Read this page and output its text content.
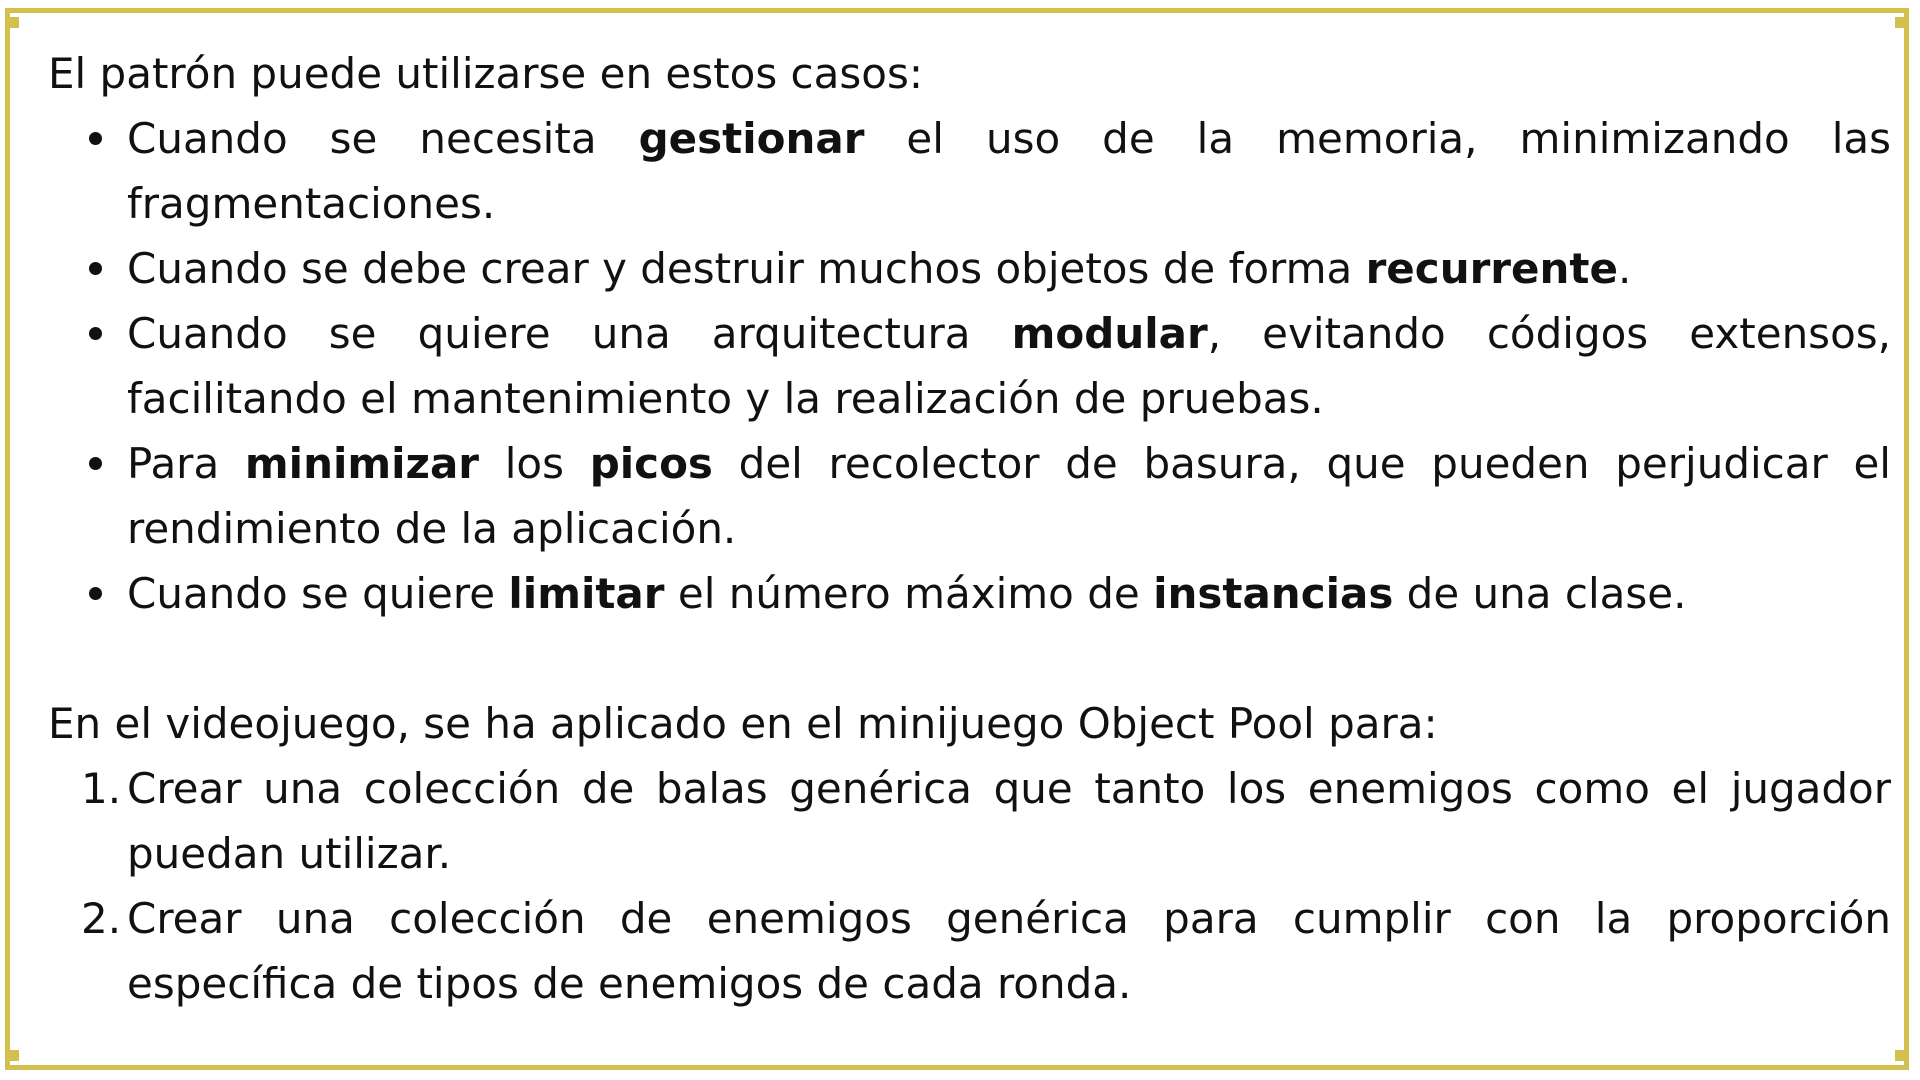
El patrón puede utilizarse en estos casos:

Cuando se necesita gestionar el uso de la memoria, minimizando las fragmentaciones.
Cuando se debe crear y destruir muchos objetos de forma recurrente.
Cuando se quiere una arquitectura modular, evitando códigos extensos, facilitando el mantenimiento y la realización de pruebas.
Para minimizar los picos del recolector de basura, que pueden perjudicar el rendimiento de la aplicación.
Cuando se quiere limitar el número máximo de instancias de una clase.

En el videojuego, se ha aplicado en el minijuego Object Pool para:

1. Crear una colección de balas genérica que tanto los enemigos como el jugador puedan utilizar.
2. Crear una colección de enemigos genérica para cumplir con la proporción específica de tipos de enemigos de cada ronda.
